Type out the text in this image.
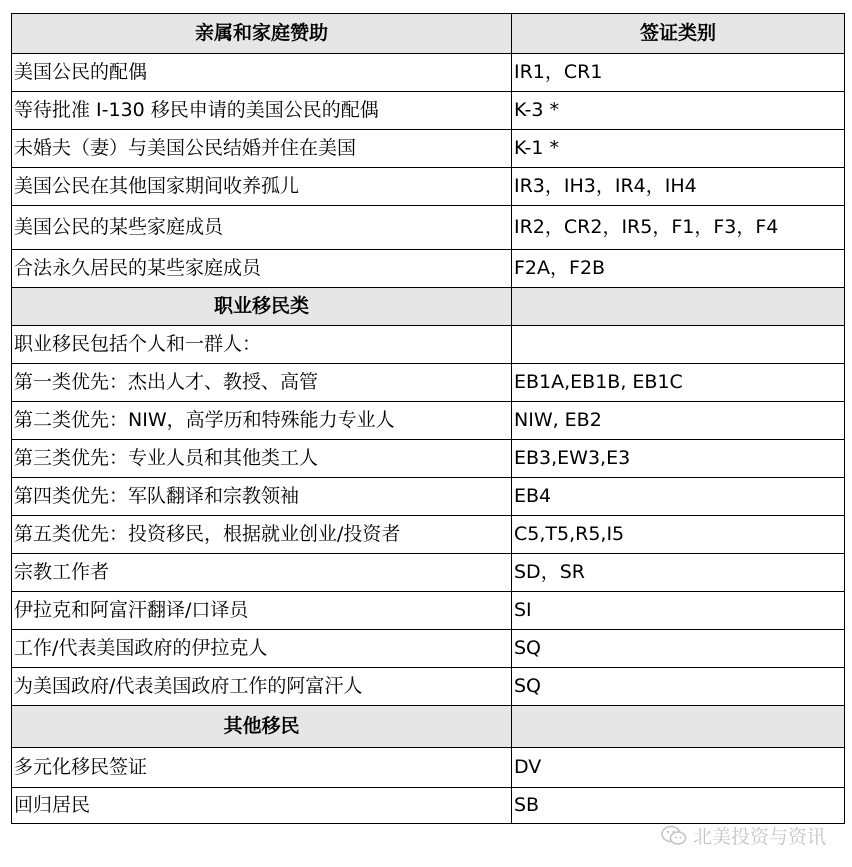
亲属和家庭赞助	签证类别
美国公民的配偶	IR1，CR1
等待批准 I-130 移民申请的美国公民的配偶	K-3 *
未婚夫（妻）与美国公民结婚并住在美国	K-1 *
美国公民在其他国家期间收养孤儿	IR3，IH3，IR4，IH4
美国公民的某些家庭成员	IR2，CR2，IR5，F1，F3，F4
合法永久居民的某些家庭成员	F2A，F2B
职业移民类	
职业移民包括个人和一群人：	
第一类优先：杰出人才、教授、高管	EB1A,EB1B, EB1C
第二类优先：NIW，高学历和特殊能力专业人	NIW, EB2
第三类优先：专业人员和其他类工人	EB3,EW3,E3
第四类优先：军队翻译和宗教领袖	EB4
第五类优先：投资移民，根据就业创业/投资者	C5,T5,R5,I5
宗教工作者	SD，SR
伊拉克和阿富汗翻译/口译员	SI
工作/代表美国政府的伊拉克人	SQ
为美国政府/代表美国政府工作的阿富汗人	SQ
其他移民	
多元化移民签证	DV
回归居民	SB
北美投资与资讯
